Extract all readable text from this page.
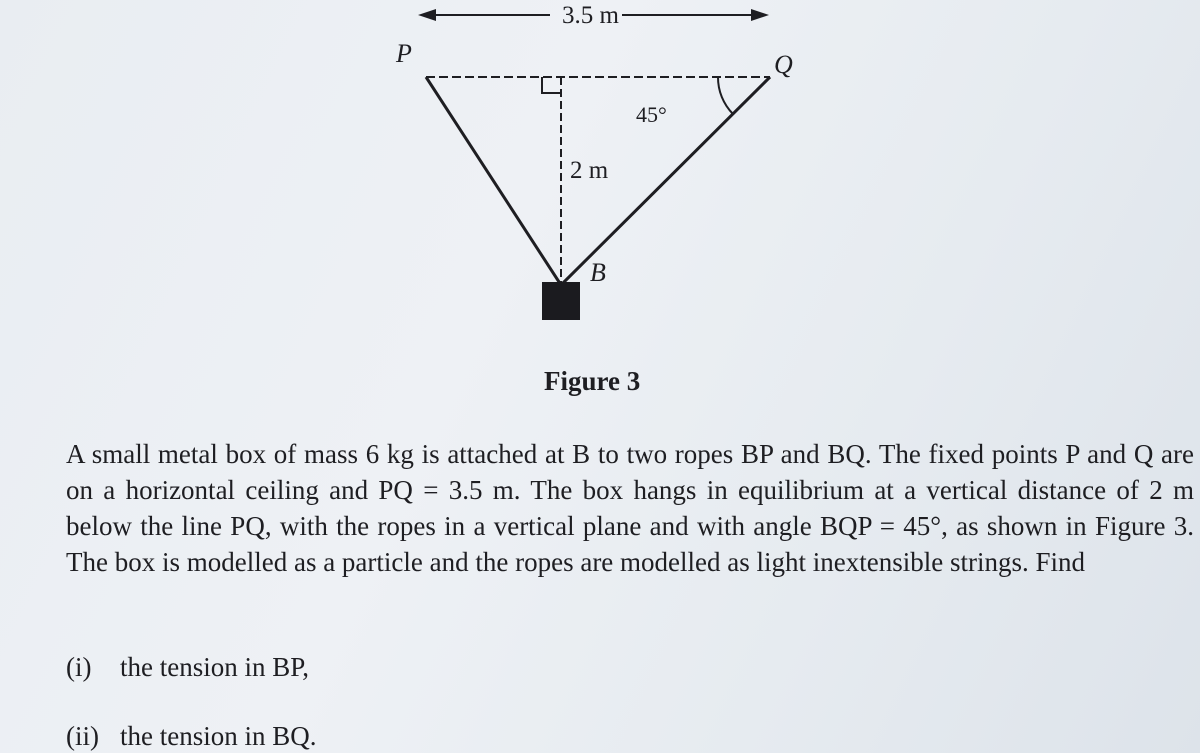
3.5 m
P	Q
45°
2 m
B
Figure 3

A small metal box of mass 6 kg is attached at B to two ropes BP and BQ. The fixed points P and Q are on a horizontal ceiling and PQ = 3.5 m. The box hangs in equilibrium at a vertical distance of 2 m below the line PQ, with the ropes in a vertical plane and with angle BQP = 45°, as shown in Figure 3. The box is modelled as a particle and the ropes are modelled as light inextensible strings. Find

(i) the tension in BP,
(ii) the tension in BQ.
